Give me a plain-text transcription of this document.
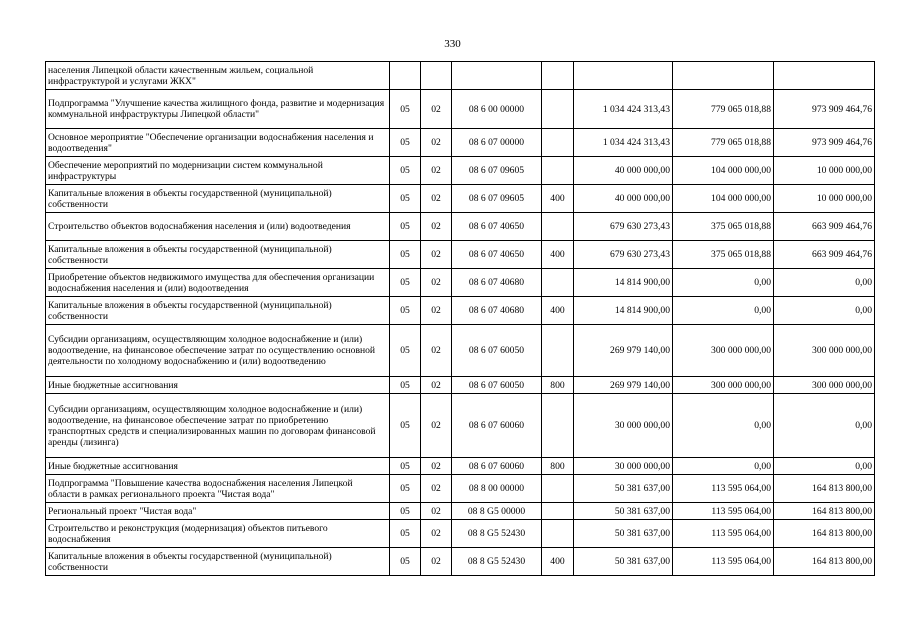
330
населения Липецкой области качественным жильем, социальной инфраструктурой и услугами ЖКХ"							
Подпрограмма "Улучшение качества жилищного фонда, развитие и модернизация коммунальной инфраструктуры Липецкой области"	05	02	08 6 00 00000		1 034 424 313,43	779 065 018,88	973 909 464,76
Основное мероприятие "Обеспечение организации водоснабжения населения и водоотведения"	05	02	08 6 07 00000		1 034 424 313,43	779 065 018,88	973 909 464,76
Обеспечение мероприятий по модернизации систем коммунальной инфраструктуры	05	02	08 6 07 09605		40 000 000,00	104 000 000,00	10 000 000,00
Капитальные вложения в объекты государственной (муниципальной) собственности	05	02	08 6 07 09605	400	40 000 000,00	104 000 000,00	10 000 000,00
Строительство объектов водоснабжения населения и (или) водоотведения	05	02	08 6 07 40650		679 630 273,43	375 065 018,88	663 909 464,76
Капитальные вложения в объекты государственной (муниципальной) собственности	05	02	08 6 07 40650	400	679 630 273,43	375 065 018,88	663 909 464,76
Приобретение объектов недвижимого имущества для обеспечения организации водоснабжения населения и (или) водоотведения	05	02	08 6 07 40680		14 814 900,00	0,00	0,00
Капитальные вложения в объекты государственной (муниципальной) собственности	05	02	08 6 07 40680	400	14 814 900,00	0,00	0,00
Субсидии организациям, осуществляющим холодное водоснабжение и (или) водоотведение, на финансовое обеспечение затрат по осуществлению основной деятельности по холодному водоснабжению и (или) водоотведению	05	02	08 6 07 60050		269 979 140,00	300 000 000,00	300 000 000,00
Иные бюджетные ассигнования	05	02	08 6 07 60050	800	269 979 140,00	300 000 000,00	300 000 000,00
Субсидии организациям, осуществляющим холодное водоснабжение и (или) водоотведение, на финансовое обеспечение затрат по приобретению транспортных средств и специализированных машин по договорам финансовой аренды (лизинга)	05	02	08 6 07 60060		30 000 000,00	0,00	0,00
Иные бюджетные ассигнования	05	02	08 6 07 60060	800	30 000 000,00	0,00	0,00
Подпрограмма "Повышение качества водоснабжения населения Липецкой области в рамках регионального проекта "Чистая вода"	05	02	08 8 00 00000		50 381 637,00	113 595 064,00	164 813 800,00
Региональный проект "Чистая вода"	05	02	08 8 G5 00000		50 381 637,00	113 595 064,00	164 813 800,00
Строительство и реконструкция (модернизация) объектов питьевого водоснабжения	05	02	08 8 G5 52430		50 381 637,00	113 595 064,00	164 813 800,00
Капитальные вложения в объекты государственной (муниципальной) собственности	05	02	08 8 G5 52430	400	50 381 637,00	113 595 064,00	164 813 800,00
